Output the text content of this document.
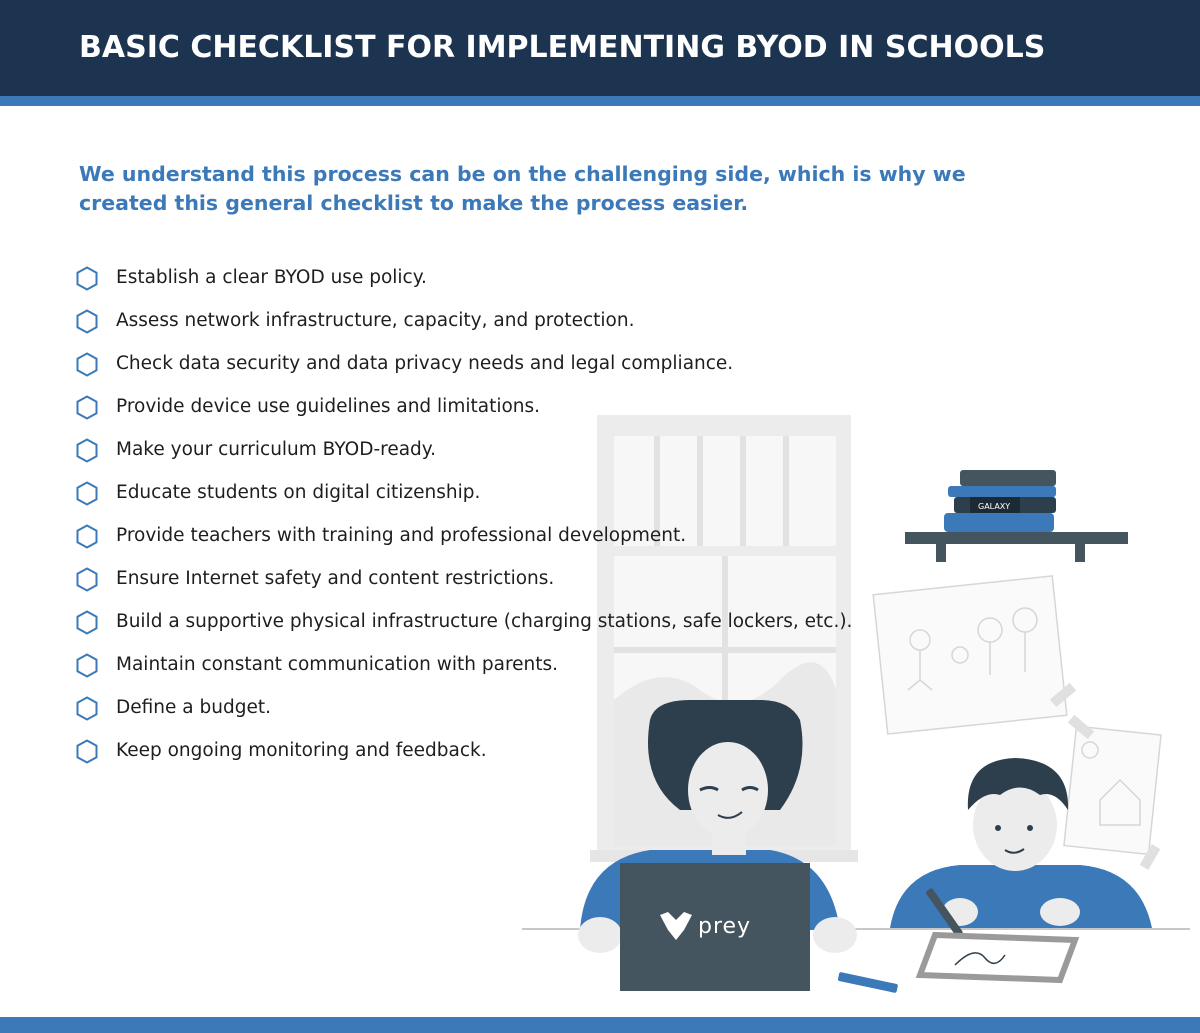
BASIC CHECKLIST FOR IMPLEMENTING BYOD IN SCHOOLS

We understand this process can be on the challenging side, which is why we created this general checklist to make the process easier.

GALAXY
prey
Establish a clear BYOD use policy.
Assess network infrastructure, capacity, and protection.
Check data security and data privacy needs and legal compliance.
Provide device use guidelines and limitations.
Make your curriculum BYOD-ready.
Educate students on digital citizenship.
Provide teachers with training and professional development.
Ensure Internet safety and content restrictions.
Build a supportive physical infrastructure (charging stations, safe lockers, etc.).
Maintain constant communication with parents.
Define a budget.
Keep ongoing monitoring and feedback.
